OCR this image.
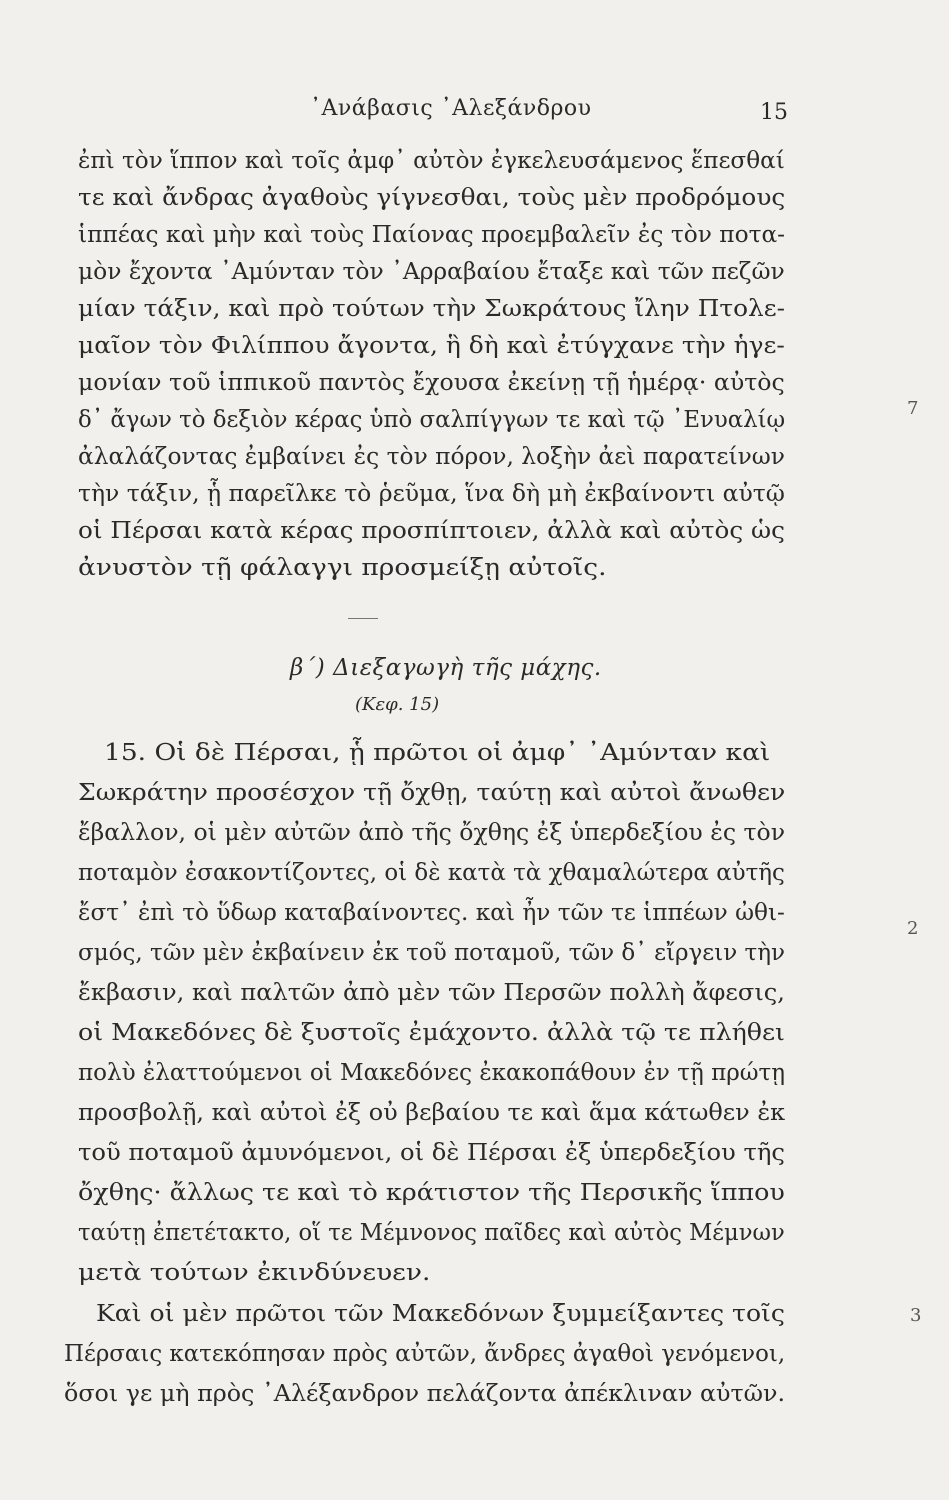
᾿Ανάβασις ᾿Αλεξάνδρου	15
ἐπὶ τὸν ἵππον καὶ τοῖς ἀμφ᾿ αὐτὸν ἐγκελευσάμενος ἕπεσθαί
τε καὶ ἄνδρας ἀγαθοὺς γίγνεσθαι, τοὺς μὲν προδρόμους
ἱππέας καὶ μὴν καὶ τοὺς Παίονας προεμβαλεῖν ἐς τὸν ποτα-
μὸν ἔχοντα ᾿Αμύνταν τὸν ᾿Αρραβαίου ἔταξε καὶ τῶν πεζῶν
μίαν τάξιν, καὶ πρὸ τούτων τὴν Σωκράτους ἴλην Πτολε-
μαῖον τὸν Φιλίππου ἄγοντα, ἣ δὴ καὶ ἐτύγχανε τὴν ἡγε-
μονίαν τοῦ ἱππικοῦ παντὸς ἔχουσα ἐκείνῃ τῇ ἡμέρᾳ· αὐτὸς
δ᾿ ἄγων τὸ δεξιὸν κέρας ὑπὸ σαλπίγγων τε καὶ τῷ ᾿Ενυαλίῳ
ἀλαλάζοντας ἐμβαίνει ἐς τὸν πόρον, λοξὴν ἀεὶ παρατείνων
τὴν τάξιν, ᾗ παρεῖλκε τὸ ῥεῦμα, ἵνα δὴ μὴ ἐκβαίνοντι αὐτῷ
οἱ Πέρσαι κατὰ κέρας προσπίπτοιεν, ἀλλὰ καὶ αὐτὸς ὡς
ἀνυστὸν τῇ φάλαγγι προσμείξῃ αὐτοῖς.
7
β΄) Διεξαγωγὴ τῆς μάχης.
(Κεφ. 15)
15. Οἱ δὲ Πέρσαι, ᾗ πρῶτοι οἱ ἀμφ᾿ ᾿Αμύνταν καὶ
Σωκράτην προσέσχον τῇ ὄχθῃ, ταύτῃ καὶ αὐτοὶ ἄνωθεν
ἔβαλλον, οἱ μὲν αὐτῶν ἀπὸ τῆς ὄχθης ἐξ ὑπερδεξίου ἐς τὸν
ποταμὸν ἐσακοντίζοντες, οἱ δὲ κατὰ τὰ χθαμαλώτερα αὐτῆς
ἔστ᾿ ἐπὶ τὸ ὕδωρ καταβαίνοντες. καὶ ἦν τῶν τε ἱππέων ὠθι-
σμός, τῶν μὲν ἐκβαίνειν ἐκ τοῦ ποταμοῦ, τῶν δ᾿ εἴργειν τὴν
ἔκβασιν, καὶ παλτῶν ἀπὸ μὲν τῶν Περσῶν πολλὴ ἄφεσις,
οἱ Μακεδόνες δὲ ξυστοῖς ἐμάχοντο. ἀλλὰ τῷ τε πλήθει
πολὺ ἐλαττούμενοι οἱ Μακεδόνες ἐκακοπάθουν ἐν τῇ πρώτῃ
προσβολῇ, καὶ αὐτοὶ ἐξ οὐ βεβαίου τε καὶ ἅμα κάτωθεν ἐκ
τοῦ ποταμοῦ ἀμυνόμενοι, οἱ δὲ Πέρσαι ἐξ ὑπερδεξίου τῆς
ὄχθης· ἄλλως τε καὶ τὸ κράτιστον τῆς Περσικῆς ἵππου
ταύτῃ ἐπετέτακτο, οἵ τε Μέμνονος παῖδες καὶ αὐτὸς Μέμνων
μετὰ τούτων ἐκινδύνευεν.
2
Καὶ οἱ μὲν πρῶτοι τῶν Μακεδόνων ξυμμείξαντες τοῖς
Πέρσαις κατεκόπησαν πρὸς αὐτῶν, ἄνδρες ἀγαθοὶ γενόμενοι,
ὅσοι γε μὴ πρὸς ᾿Αλέξανδρον πελάζοντα ἀπέκλιναν αὐτῶν.
3
